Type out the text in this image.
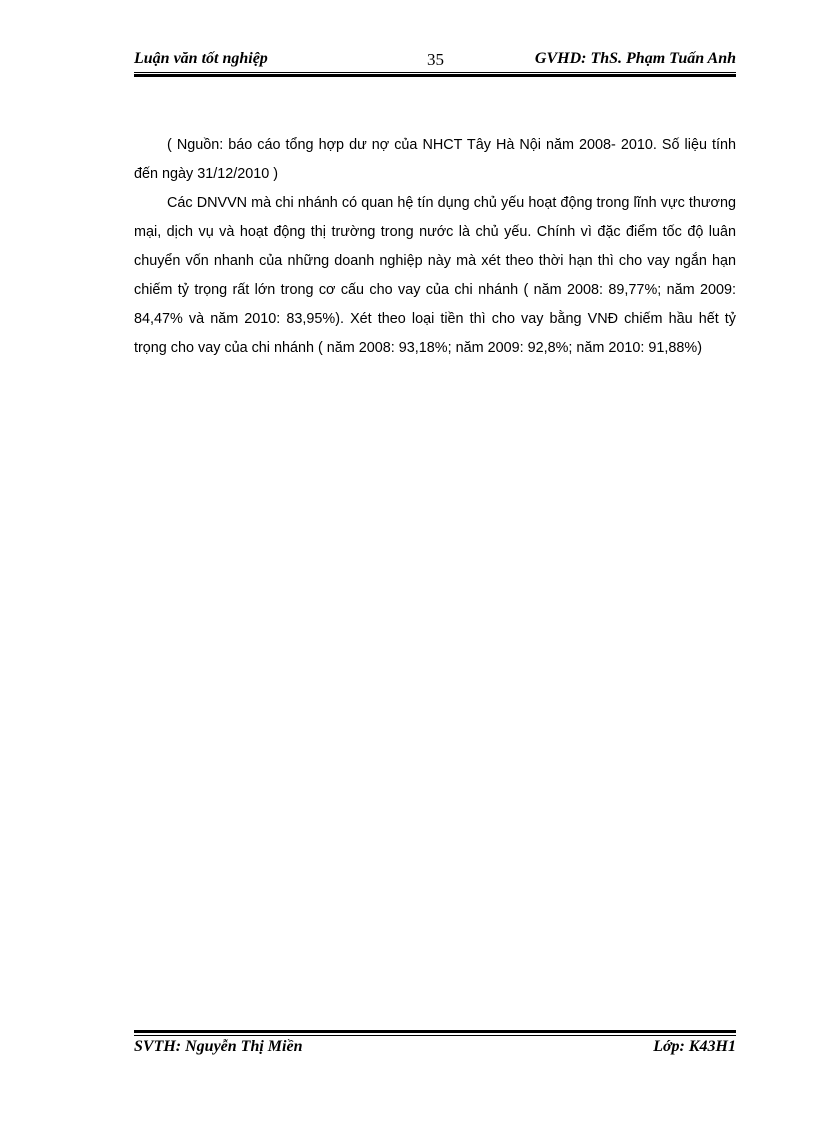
Luận văn tốt nghiệp	35	GVHD: ThS. Phạm Tuấn Anh

( Nguồn: báo cáo tổng hợp dư nợ của NHCT Tây Hà Nội năm 2008- 2010. Số liệu tính đến ngày 31/12/2010 )

Các DNVVN mà chi nhánh có quan hệ tín dụng chủ yếu hoạt động trong lĩnh vực thương mại, dịch vụ và hoạt động thị trường trong nước là chủ yếu. Chính vì đặc điểm tốc độ luân chuyển vốn nhanh của những doanh nghiệp này mà xét theo thời hạn thì cho vay ngắn hạn chiếm tỷ trọng rất lớn trong cơ cấu cho vay của chi nhánh ( năm 2008: 89,77%; năm 2009: 84,47% và năm 2010: 83,95%). Xét theo loại tiền thì cho vay bằng VNĐ chiếm hầu hết tỷ trọng cho vay của chi nhánh ( năm 2008: 93,18%; năm 2009: 92,8%; năm 2010: 91,88%)

SVTH: Nguyễn Thị Miền	Lớp: K43H1
